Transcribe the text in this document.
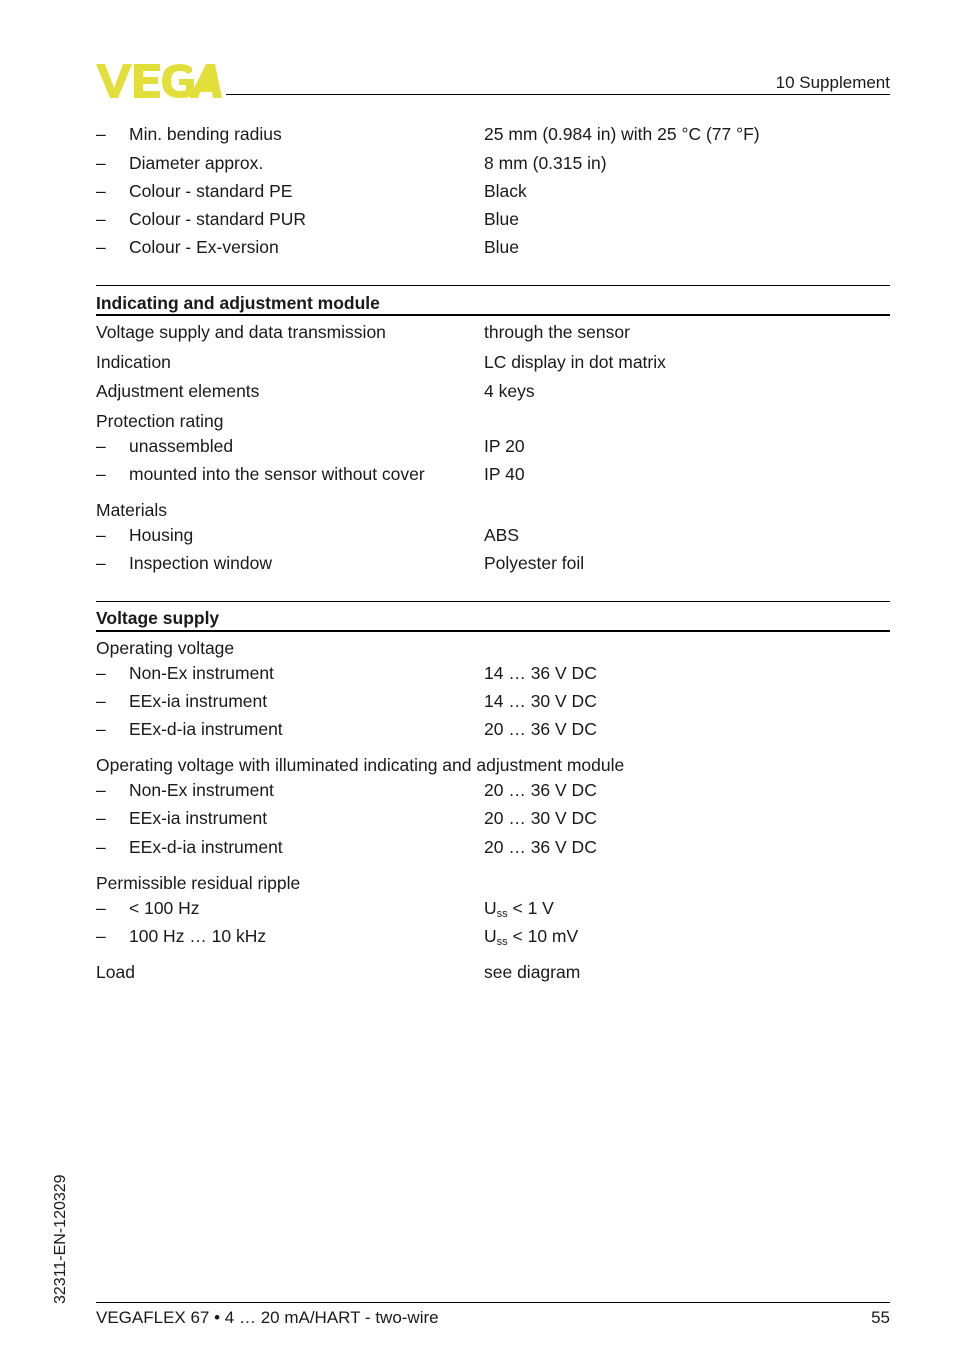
10 Supplement
– Min. bending radius	25 mm (0.984 in) with 25 °C (77 °F)
– Diameter approx.	8 mm (0.315 in)
– Colour - standard PE	Black
– Colour - standard PUR	Blue
– Colour - Ex-version	Blue
Indicating and adjustment module
Voltage supply and data transmission	through the sensor
Indication	LC display in dot matrix
Adjustment elements	4 keys
Protection rating
– unassembled	IP 20
– mounted into the sensor without cover	IP 40
Materials
– Housing	ABS
– Inspection window	Polyester foil
Voltage supply
Operating voltage
– Non-Ex instrument	14 … 36 V DC
– EEx-ia instrument	14 … 30 V DC
– EEx-d-ia instrument	20 … 36 V DC
Operating voltage with illuminated indicating and adjustment module
– Non-Ex instrument	20 … 36 V DC
– EEx-ia instrument	20 … 30 V DC
– EEx-d-ia instrument	20 … 36 V DC
Permissible residual ripple
– < 100 Hz	$U_{ss} < 1$ V
– 100 Hz … 10 kHz	$U_{ss} < 10$ mV
Load	see diagram
32311-EN-120329
VEGAFLEX 67 • 4 … 20 mA/HART - two-wire	55
